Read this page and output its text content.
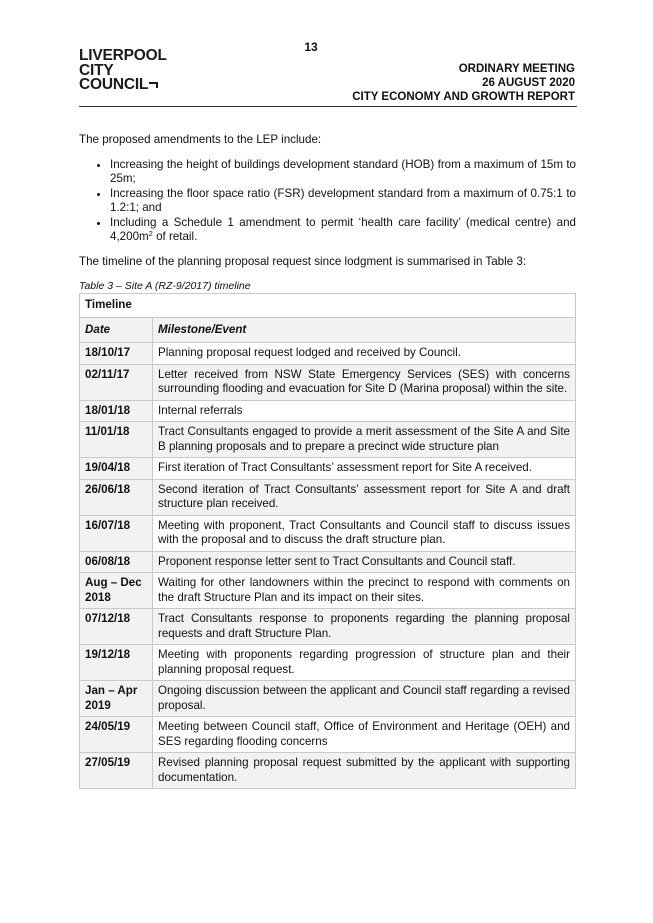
13
LIVERPOOL
CITY
COUNCIL
ORDINARY MEETING
26 AUGUST 2020
CITY ECONOMY AND GROWTH REPORT

The proposed amendments to the LEP include:

• Increasing the height of buildings development standard (HOB) from a maximum of 15m to 25m;
• Increasing the floor space ratio (FSR) development standard from a maximum of 0.75:1 to 1.2:1; and
• Including a Schedule 1 amendment to permit ‘health care facility’ (medical centre) and $4,200m^2$ of retail.

The timeline of the planning proposal request since lodgment is summarised in Table 3:

Table 3 – Site A (RZ-9/2017) timeline

Timeline	
Date	Milestone/Event
18/10/17	Planning proposal request lodged and received by Council.
02/11/17	Letter received from NSW State Emergency Services (SES) with concerns surrounding flooding and evacuation for Site D (Marina proposal) within the site.
18/01/18	Internal referrals
11/01/18	Tract Consultants engaged to provide a merit assessment of the Site A and Site B planning proposals and to prepare a precinct wide structure plan
19/04/18	First iteration of Tract Consultants’ assessment report for Site A received.
26/06/18	Second iteration of Tract Consultants’ assessment report for Site A and draft structure plan received.
16/07/18	Meeting with proponent, Tract Consultants and Council staff to discuss issues with the proposal and to discuss the draft structure plan.
06/08/18	Proponent response letter sent to Tract Consultants and Council staff.
Aug – Dec 2018	Waiting for other landowners within the precinct to respond with comments on the draft Structure Plan and its impact on their sites.
07/12/18	Tract Consultants response to proponents regarding the planning proposal requests and draft Structure Plan.
19/12/18	Meeting with proponents regarding progression of structure plan and their planning proposal request.
Jan – Apr 2019	Ongoing discussion between the applicant and Council staff regarding a revised proposal.
24/05/19	Meeting between Council staff, Office of Environment and Heritage (OEH) and SES regarding flooding concerns
27/05/19	Revised planning proposal request submitted by the applicant with supporting documentation.
